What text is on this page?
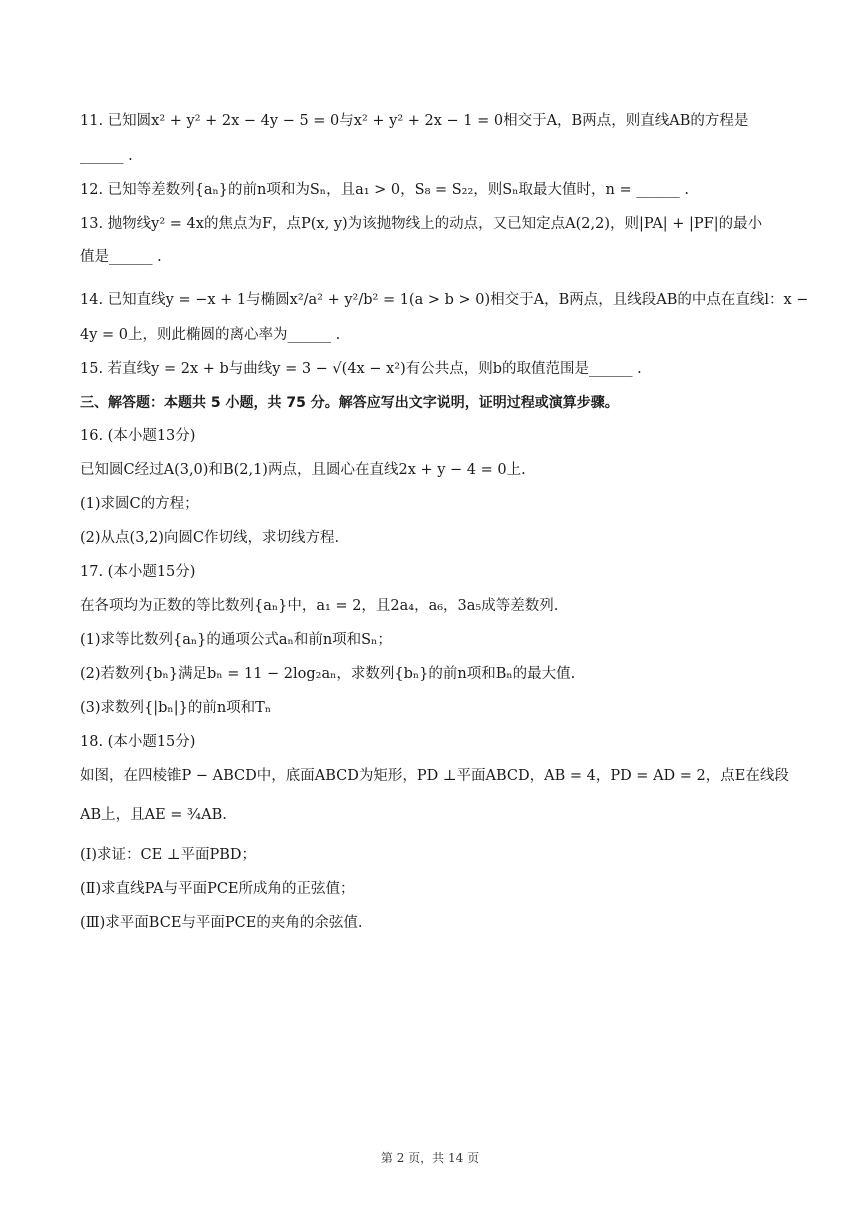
11. 已知圆x² + y² + 2x − 4y − 5 = 0与x² + y² + 2x − 1 = 0相交于A，B两点，则直线AB的方程是
______ .
12. 已知等差数列{aₙ}的前n项和为Sₙ，且a₁ > 0，S₈ = S₂₂，则Sₙ取最大值时，n = ______ .
13. 抛物线y² = 4x的焦点为F，点P(x, y)为该抛物线上的动点，又已知定点A(2,2)，则|PA| + |PF|的最小
值是______ .
14. 已知直线y = −x + 1与椭圆x²/a² + y²/b² = 1(a > b > 0)相交于A，B两点，且线段AB的中点在直线l：x −
4y = 0上，则此椭圆的离心率为______ .
15. 若直线y = 2x + b与曲线y = 3 − √(4x − x²)有公共点，则b的取值范围是______ .
三、解答题：本题共 5 小题，共 75 分。解答应写出文字说明，证明过程或演算步骤。
16. (本小题13分)
已知圆C经过A(3,0)和B(2,1)两点，且圆心在直线2x + y − 4 = 0上.
(1)求圆C的方程；
(2)从点(3,2)向圆C作切线，求切线方程.
17. (本小题15分)
在各项均为正数的等比数列{aₙ}中，a₁ = 2，且2a₄，a₆，3a₅成等差数列.
(1)求等比数列{aₙ}的通项公式aₙ和前n项和Sₙ；
(2)若数列{bₙ}满足bₙ = 11 − 2log₂aₙ，求数列{bₙ}的前n项和Bₙ的最大值.
(3)求数列{|bₙ|}的前n项和Tₙ
18. (本小题15分)
如图，在四棱锥P − ABCD中，底面ABCD为矩形，PD ⊥平面ABCD，AB = 4，PD = AD = 2，点E在线段
AB上，且AE = ¾AB.
(Ⅰ)求证：CE ⊥平面PBD；
(Ⅱ)求直线PA与平面PCE所成角的正弦值；
(Ⅲ)求平面BCE与平面PCE的夹角的余弦值.
第 2 页，共 14 页
